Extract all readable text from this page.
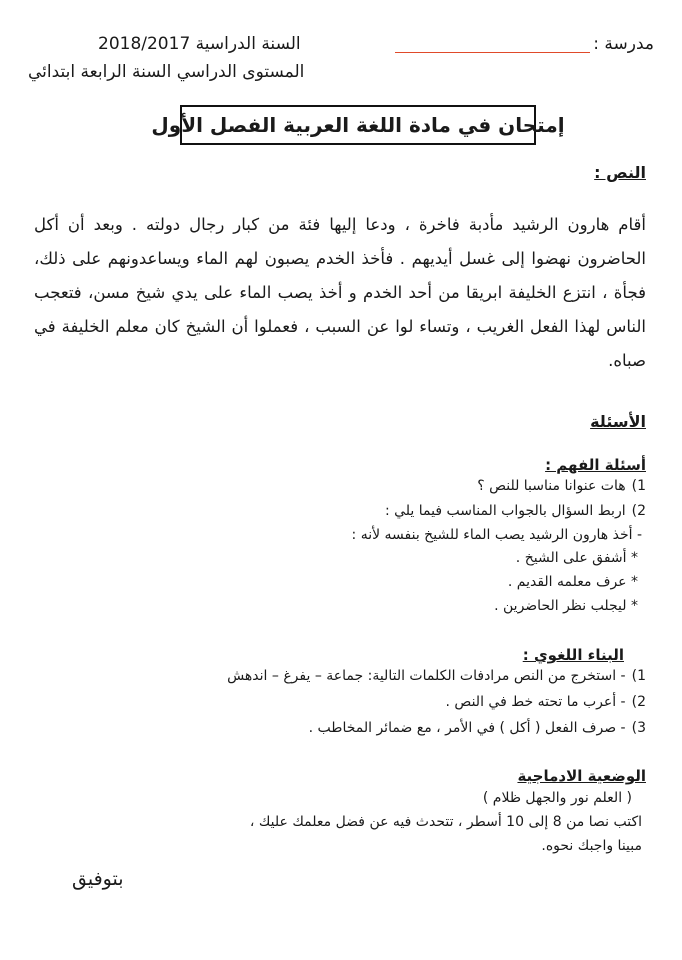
مدرسة :
السنة الدراسية 2018/2017
المستوى الدراسي السنة الرابعة ابتدائي
إمتحان في مادة اللغة العربية الفصل الأول
النص :
أقام هارون الرشيد مأدبة فاخرة ، ودعا إليها فئة من كبار رجال دولته . وبعد أن أكل الحاضرون نهضوا إلى غسل أيديهم . فأخذ الخدم يصبون لهم الماء ويساعدونهم على ذلك، فجأة ، انتزع الخليفة ابريقا من أحد الخدم و أخذ يصب الماء على يدي شيخ مسن، فتعجب الناس لهذا الفعل الغريب ، وتساء لوا عن السبب ، فعملوا أن الشيخ كان معلم الخليفة في صباه.
الأسئلة
أسئلة الفهم :
1)هات عنوانا مناسبا للنص ؟
2)اربط السؤال بالجواب المناسب فيما يلي :
- أخذ هارون الرشيد يصب الماء للشيخ بنفسه لأنه :
* أشفق على الشيخ .
* عرف معلمه القديم .
* ليجلب نظر الحاضرين .
البناء اللغوي :
1)- استخرج من النص مرادفات الكلمات التالية: جماعة – يفرغ – اندهش
2)- أعرب ما تحته خط في النص .
3)- صرف الفعل ( أكل ) في الأمر ، مع ضمائر المخاطب .
الوضعية الادماجية
( العلم نور والجهل ظلام )
اكتب نصا من 8 إلى 10 أسطر ، تتحدث فيه عن فضل معلمك عليك ،
مبينا واجبك نحوه.
بتوفيق
